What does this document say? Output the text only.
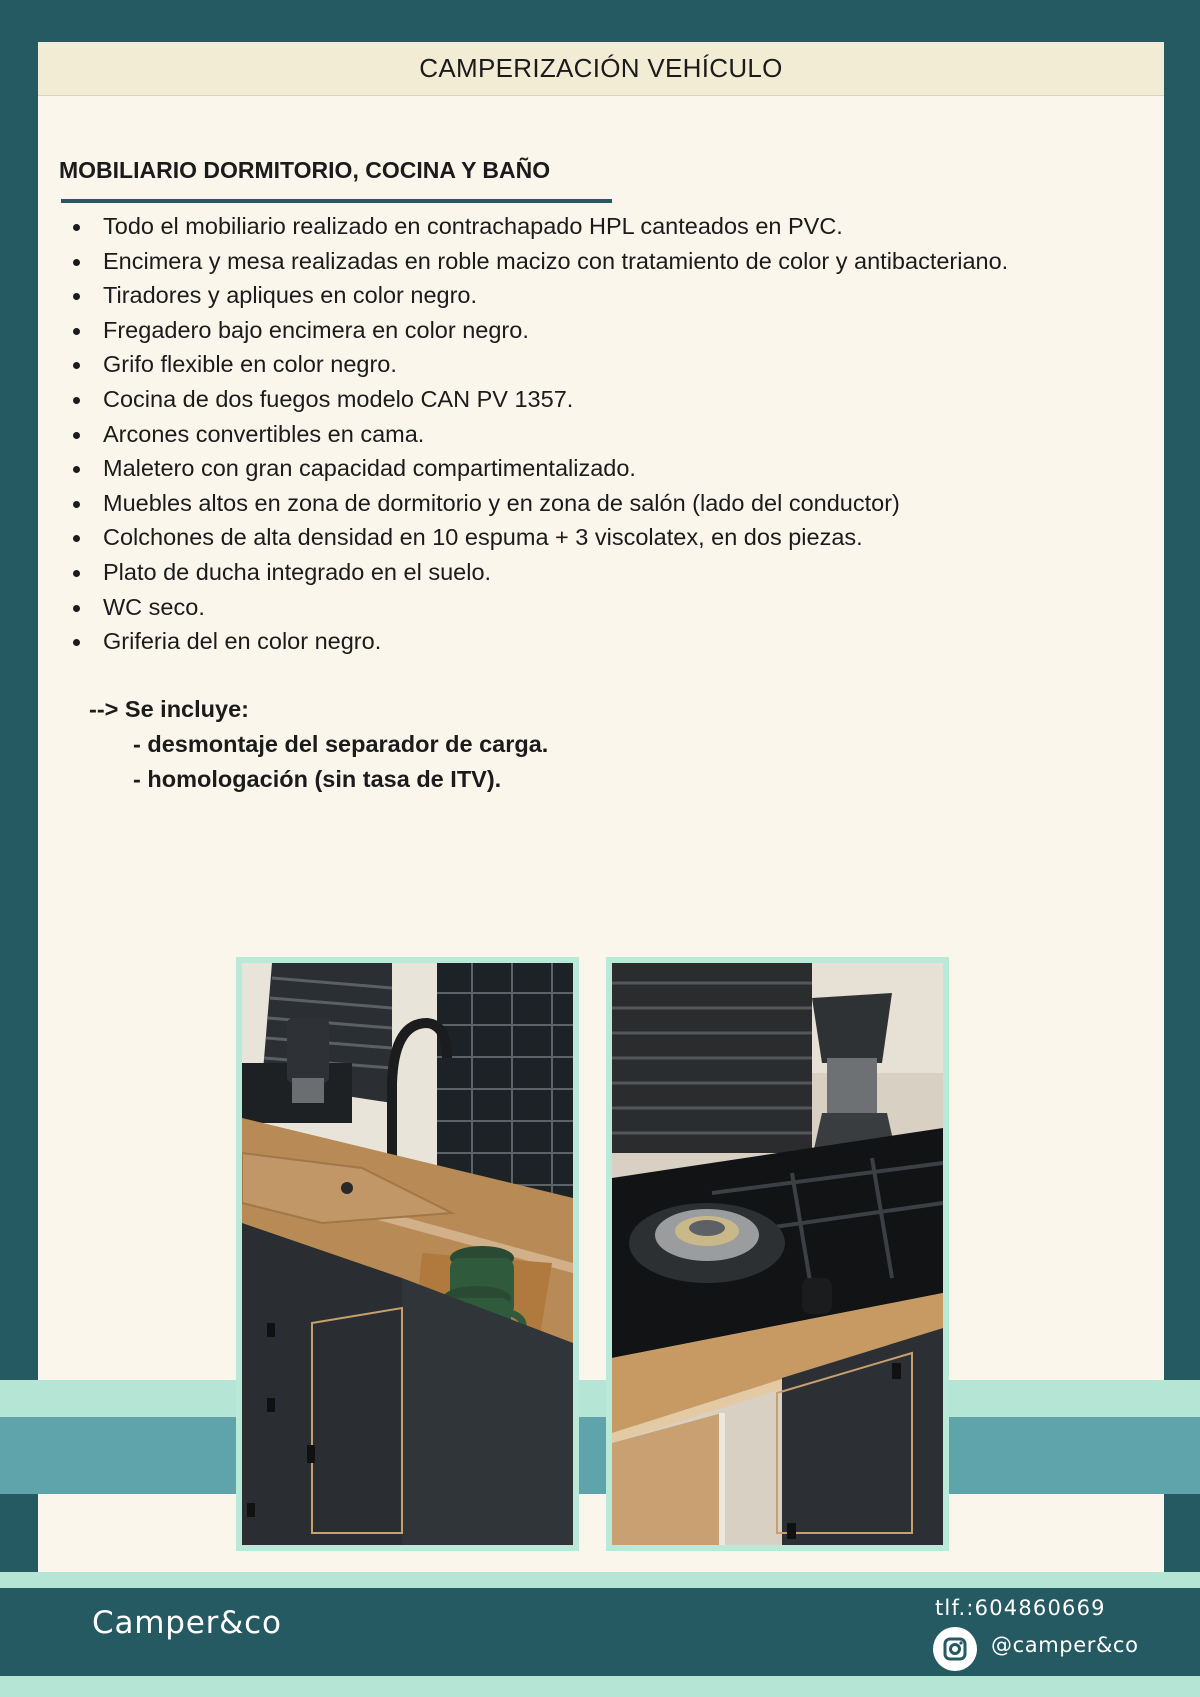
CAMPERIZACIÓN VEHÍCULO
MOBILIARIO DORMITORIO, COCINA Y BAÑO
Todo el mobiliario realizado en contrachapado HPL canteados en PVC.
Encimera y mesa realizadas en roble macizo con tratamiento de color y antibacteriano.
Tiradores y apliques en color negro.
Fregadero bajo encimera en color negro.
Grifo flexible en color negro.
Cocina de dos fuegos modelo CAN PV 1357.
Arcones convertibles en cama.
Maletero con gran capacidad compartimentalizado.
Muebles altos en zona de dormitorio y en zona de salón (lado del conductor)
Colchones de alta densidad en 10 espuma + 3 viscolatex, en dos piezas.
Plato de ducha integrado en el suelo.
WC seco.
Griferia del en color negro.
--> Se incluye:
- desmontaje del separador de carga.
- homologación (sin tasa de ITV).
Camper&co	tlf.:604860669
@camper&co
